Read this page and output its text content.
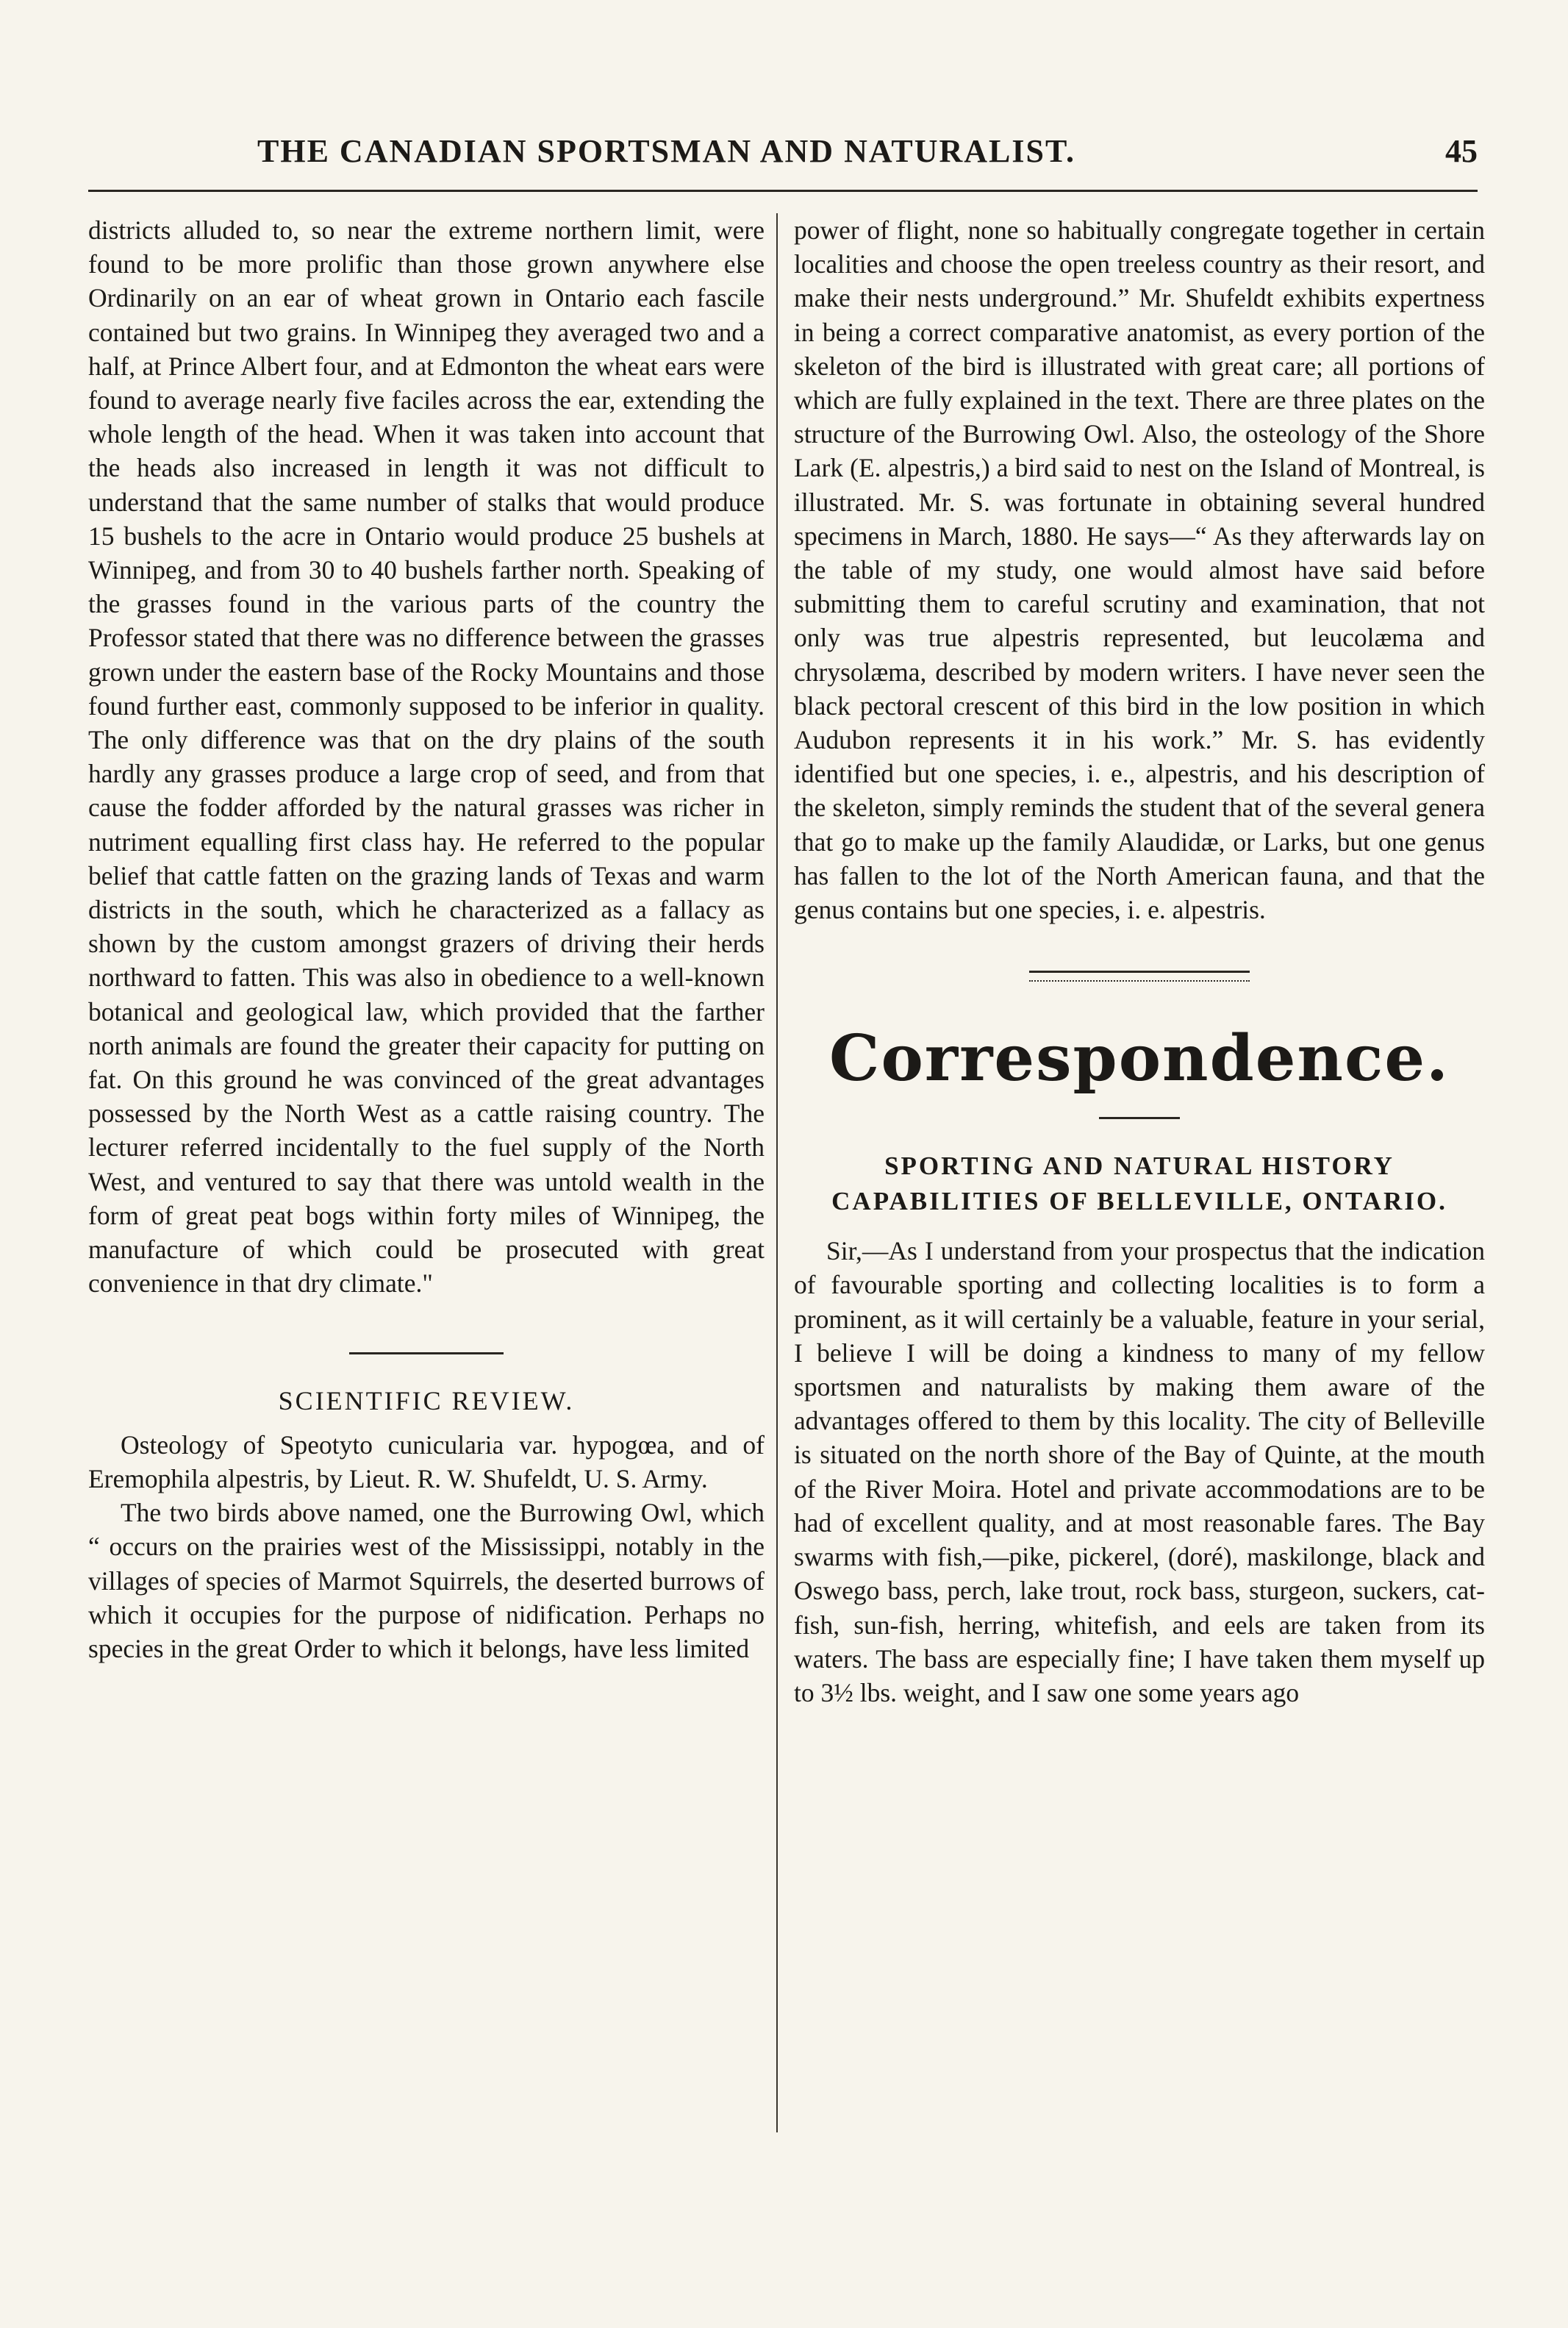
THE CANADIAN SPORTSMAN AND NATURALIST.	45

districts alluded to, so near the extreme northern limit, were found to be more prolific than those grown anywhere else Ordinarily on an ear of wheat grown in Ontario each fascile contained but two grains. In Winnipeg they averaged two and a half, at Prince Albert four, and at Edmonton the wheat ears were found to average nearly five faciles across the ear, extending the whole length of the head. When it was taken into account that the heads also increased in length it was not difficult to understand that the same number of stalks that would produce 15 bushels to the acre in Ontario would produce 25 bushels at Winnipeg, and from 30 to 40 bushels farther north. Speaking of the grasses found in the various parts of the country the Professor stated that there was no difference between the grasses grown under the eastern base of the Rocky Mountains and those found further east, commonly supposed to be inferior in quality. The only difference was that on the dry plains of the south hardly any grasses produce a large crop of seed, and from that cause the fodder afforded by the natural grasses was richer in nutriment equalling first class hay. He referred to the popular belief that cattle fatten on the grazing lands of Texas and warm districts in the south, which he characterized as a fallacy as shown by the custom amongst grazers of driving their herds northward to fatten. This was also in obedience to a well-known botanical and geological law, which provided that the farther north animals are found the greater their capacity for putting on fat. On this ground he was convinced of the great advantages possessed by the North West as a cattle raising country. The lecturer referred incidentally to the fuel supply of the North West, and ventured to say that there was untold wealth in the form of great peat bogs within forty miles of Winnipeg, the manufacture of which could be prosecuted with great convenience in that dry climate."

SCIENTIFIC REVIEW.

Osteology of Speotyto cunicularia var. hypogœa, and of Eremophila alpestris, by Lieut. R. W. Shufeldt, U. S. Army.

The two birds above named, one the Burrowing Owl, which “ occurs on the prairies west of the Mississippi, notably in the villages of species of Marmot Squirrels, the deserted burrows of which it occupies for the purpose of nidification. Perhaps no species in the great Order to which it belongs, have less limited

power of flight, none so habitually congregate together in certain localities and choose the open treeless country as their resort, and make their nests underground.” Mr. Shufeldt exhibits expertness in being a correct comparative anatomist, as every portion of the skeleton of the bird is illustrated with great care; all portions of which are fully explained in the text. There are three plates on the structure of the Burrowing Owl. Also, the osteology of the Shore Lark (E. alpestris,) a bird said to nest on the Island of Montreal, is illustrated. Mr. S. was fortunate in obtaining several hundred specimens in March, 1880. He says—“ As they afterwards lay on the table of my study, one would almost have said before submitting them to careful scrutiny and examination, that not only was true alpestris represented, but leucolæma and chrysolæma, described by modern writers. I have never seen the black pectoral crescent of this bird in the low position in which Audubon represents it in his work.” Mr. S. has evidently identified but one species, i. e., alpestris, and his description of the skeleton, simply reminds the student that of the several genera that go to make up the family Alaudidæ, or Larks, but one genus has fallen to the lot of the North American fauna, and that the genus contains but one species, i. e. alpestris.

Correspondence.
SPORTING AND NATURAL HISTORY CAPABILITIES OF BELLEVILLE, ONTARIO.

Sir,—As I understand from your prospectus that the indication of favourable sporting and collecting localities is to form a prominent, as it will certainly be a valuable, feature in your serial, I believe I will be doing a kindness to many of my fellow sportsmen and naturalists by making them aware of the advantages offered to them by this locality. The city of Belleville is situated on the north shore of the Bay of Quinte, at the mouth of the River Moira. Hotel and private accommodations are to be had of excellent quality, and at most reasonable fares. The Bay swarms with fish,—pike, pickerel, (doré), maskilonge, black and Oswego bass, perch, lake trout, rock bass, sturgeon, suckers, cat-fish, sun-fish, herring, whitefish, and eels are taken from its waters. The bass are especially fine; I have taken them myself up to 3½ lbs. weight, and I saw one some years ago
